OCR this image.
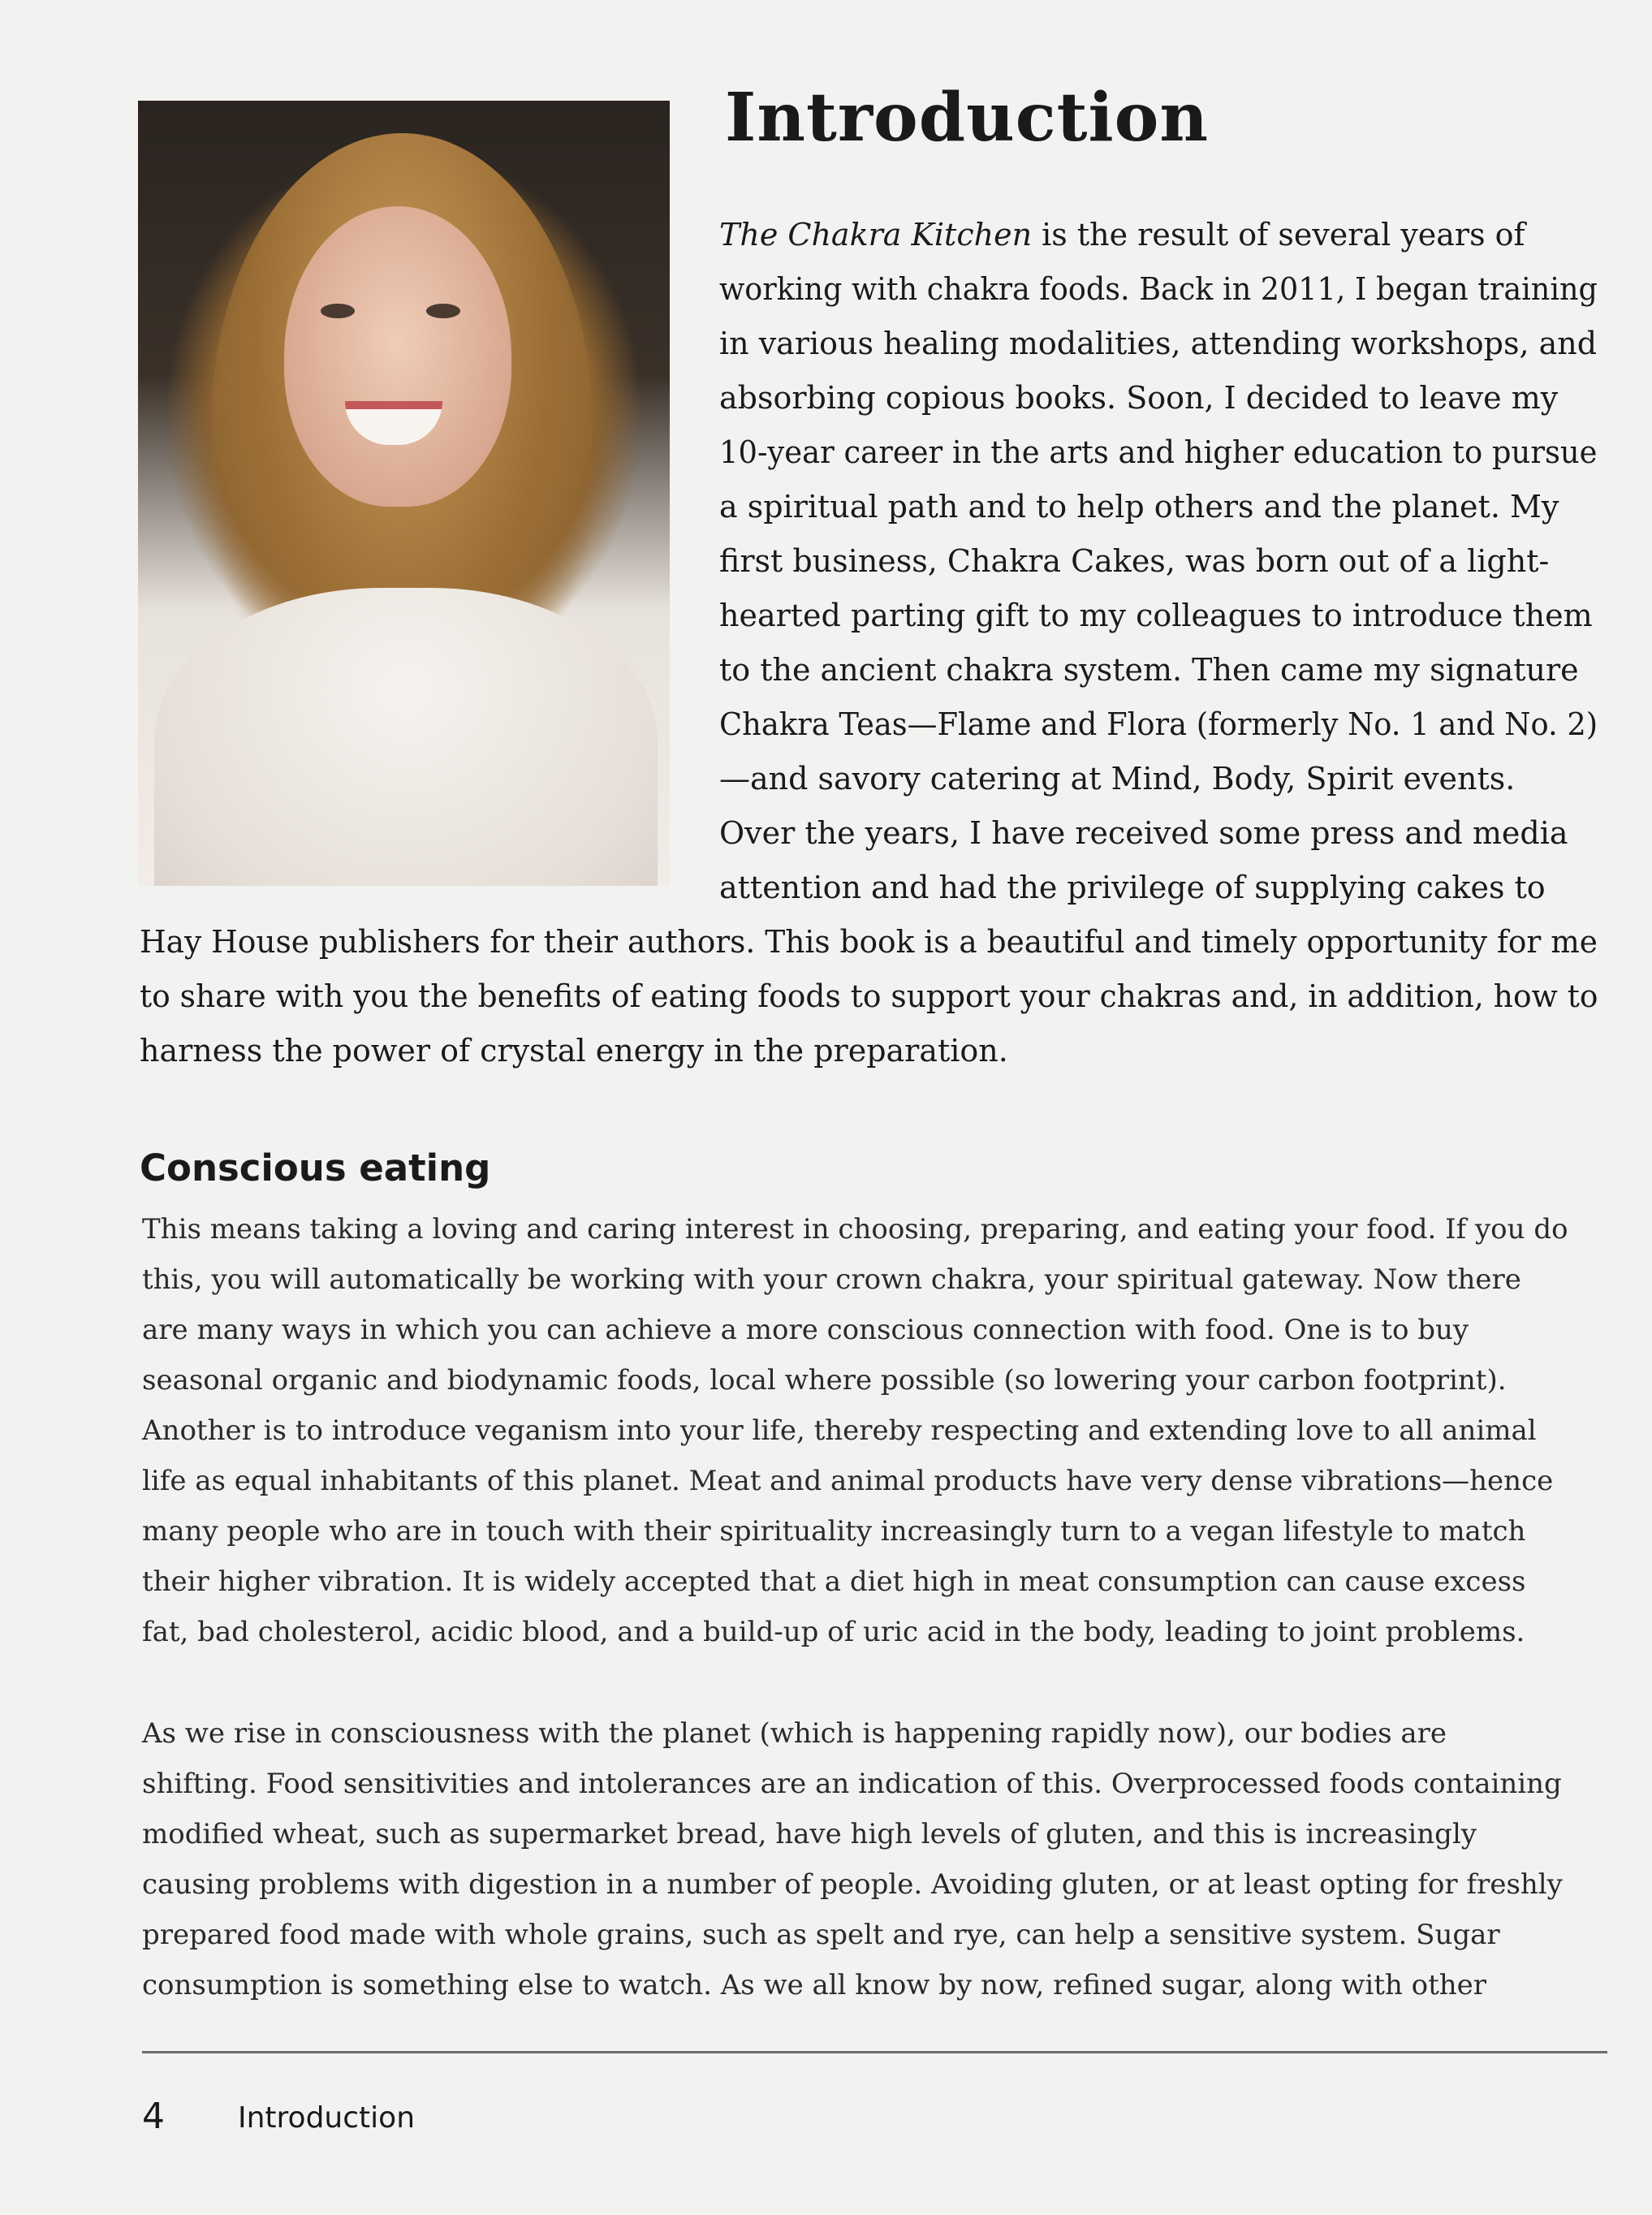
Introduction
The Chakra Kitchen is the result of several years of
working with chakra foods. Back in 2011, I began training
in various healing modalities, attending workshops, and
absorbing copious books. Soon, I decided to leave my
10-year career in the arts and higher education to pursue
a spiritual path and to help others and the planet. My
first business, Chakra Cakes, was born out of a light-
hearted parting gift to my colleagues to introduce them
to the ancient chakra system. Then came my signature
Chakra Teas—Flame and Flora (formerly No. 1 and No. 2)
—and savory catering at Mind, Body, Spirit events.
Over the years, I have received some press and media
attention and had the privilege of supplying cakes to
Hay House publishers for their authors. This book is a beautiful and timely opportunity for me
to share with you the benefits of eating foods to support your chakras and, in addition, how to
harness the power of crystal energy in the preparation.
Conscious eating
This means taking a loving and caring interest in choosing, preparing, and eating your food. If you do
this, you will automatically be working with your crown chakra, your spiritual gateway. Now there
are many ways in which you can achieve a more conscious connection with food. One is to buy
seasonal organic and biodynamic foods, local where possible (so lowering your carbon footprint).
Another is to introduce veganism into your life, thereby respecting and extending love to all animal
life as equal inhabitants of this planet. Meat and animal products have very dense vibrations—hence
many people who are in touch with their spirituality increasingly turn to a vegan lifestyle to match
their higher vibration. It is widely accepted that a diet high in meat consumption can cause excess
fat, bad cholesterol, acidic blood, and a build-up of uric acid in the body, leading to joint problems.
As we rise in consciousness with the planet (which is happening rapidly now), our bodies are
shifting. Food sensitivities and intolerances are an indication of this. Overprocessed foods containing
modified wheat, such as supermarket bread, have high levels of gluten, and this is increasingly
causing problems with digestion in a number of people. Avoiding gluten, or at least opting for freshly
prepared food made with whole grains, such as spelt and rye, can help a sensitive system. Sugar
consumption is something else to watch. As we all know by now, refined sugar, along with other
4	Introduction
